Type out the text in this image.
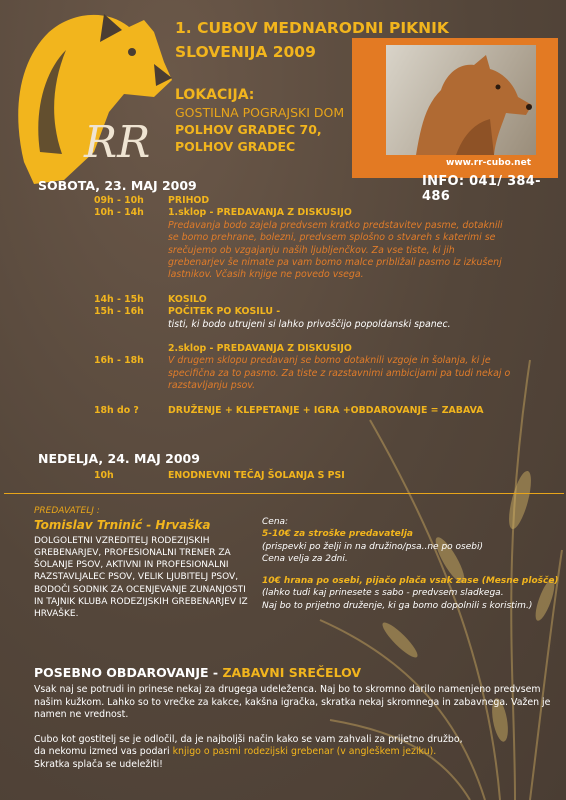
RR
1. CUBOV MEDNARODNI PIKNIK
SLOVENIJA 2009
LOKACIJA:
GOSTILNA POGRAJSKI DOM
POLHOV GRADEC 70,
POLHOV GRADEC
www.rr-cubo.net
INFO: 041/ 384-486
SOBOTA, 23. MAJ 2009
09h - 10h	PRIHOD
10h - 14h	1.sklop - PREDAVANJA Z DISKUSIJO
Predavanja bodo zajela predvsem kratko predstavitev pasme, dotaknili se bomo prehrane, bolezni, predvsem splošno o stvareh s katerimi se srečujemo ob vzgajanju naših ljubljenčkov. Za vse tiste, ki jih grebenarjev še nimate pa vam bomo malce približali pasmo iz izkušenj lastnikov. Včasih knjige ne povedo vsega.
14h - 15h	KOSILO
15h - 16h	POČITEK PO KOSILU -
tisti, ki bodo utrujeni si lahko privoščijo popoldanski spanec.
2.sklop - PREDAVANJA Z DISKUSIJO
16h - 18h	V drugem sklopu predavanj se bomo dotaknili vzgoje in šolanja, ki je specifična za to pasmo. Za tiste z razstavnimi ambicijami pa tudi nekaj o razstavljanju psov.
18h do ?	DRUŽENJE + KLEPETANJE + IGRA +OBDAROVANJE = ZABAVA
NEDELJA, 24. MAJ 2009
10h	ENODNEVNI TEČAJ ŠOLANJA S PSI
PREDAVATELJ :
Tomislav Trninić - Hrvaška
DOLGOLETNI VZREDITELJ RODEZIJSKIH GREBENARJEV, PROFESIONALNI TRENER ZA ŠOLANJE PSOV, AKTIVNI IN PROFESIONALNI RAZSTAVLJALEC PSOV, VELIK LJUBITELJ PSOV, BODOČI SODNIK ZA OCENJEVANJE ZUNANJOSTI IN TAJNIK KLUBA RODEZIJSKIH GREBENARJEV IZ HRVAŠKE.
Cena:
5-10€ za stroške predavatelja
(prispevki po želji in na družino/psa..ne po osebi)
Cena velja za 2dni.
10€ hrana po osebi, pijačo plača vsak zase (Mesne plošče)
(lahko tudi kaj prinesete s sabo - predvsem sladkega.
Naj bo to prijetno druženje, ki ga bomo dopolnili s koristim.)
POSEBNO OBDAROVANJE - ZABAVNI SREČELOV
Vsak naj se potrudi in prinese nekaj za drugega udeleženca. Naj bo to skromno darilo namenjeno predvsem našim kužkom. Lahko so to vrečke za kakce, kakšna igračka, skratka nekaj skromnega in zabavnega. Važen je namen ne vrednost.
Cubo kot gostitelj se je odločil, da je najboljši način kako se vam zahvali za prijetno družbo,
da nekomu izmed vas podari knjigo o pasmi rodezijski grebenar (v angleškem jeziku).
Skratka splača se udeležiti!
